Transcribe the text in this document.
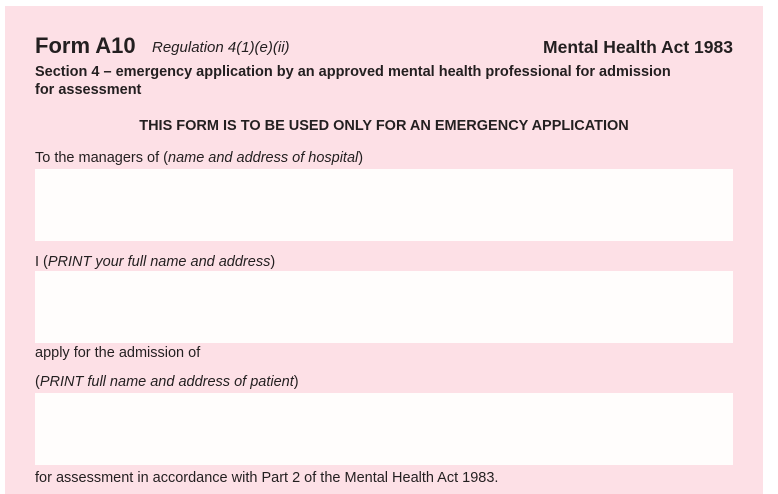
Form A10 Regulation 4(1)(e)(ii)	Mental Health Act 1983
Section 4 – emergency application by an approved mental health professional for admission for assessment
THIS FORM IS TO BE USED ONLY FOR AN EMERGENCY APPLICATION
To the managers of (name and address of hospital)
I (PRINT your full name and address)
apply for the admission of
(PRINT full name and address of patient)
for assessment in accordance with Part 2 of the Mental Health Act 1983.
